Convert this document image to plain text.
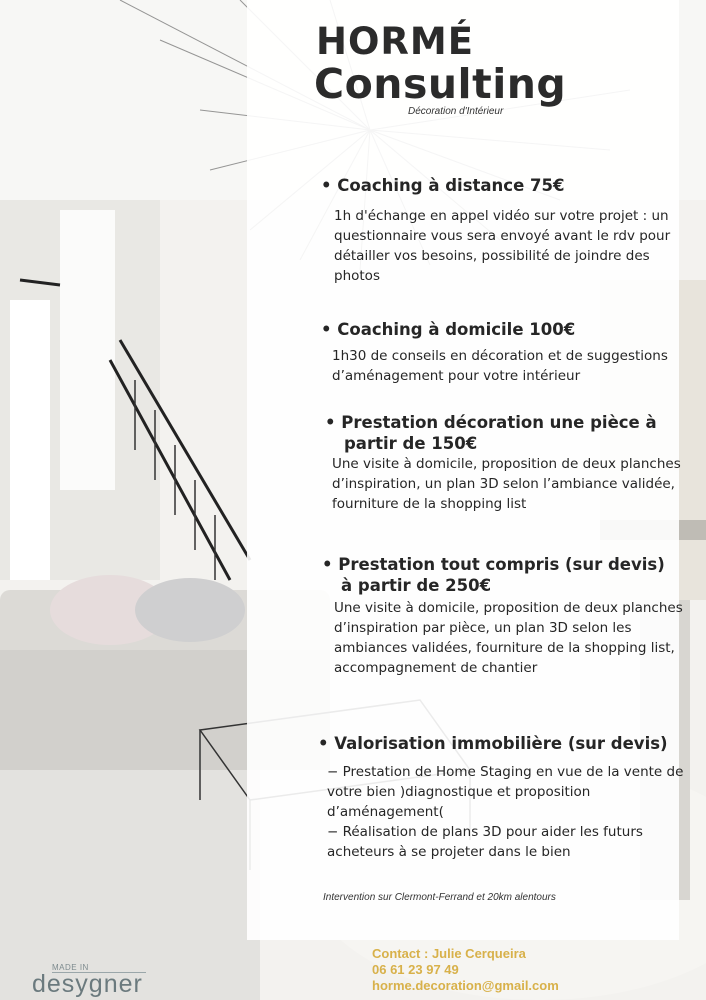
HORMÉ
Consulting
Décoration d'Intérieur
• Coaching à distance 75€

1h d'échange en appel vidéo sur votre projet : un

questionnaire vous sera envoyé avant le rdv pour

détailler vos besoins, possibilité de joindre des

photos

• Coaching à domicile 100€

1h30 de conseils en décoration et de suggestions

d’aménagement pour votre intérieur

• Prestation décoration une pièce à
partir de 150€

Une visite à domicile, proposition de deux planches

d’inspiration, un plan 3D selon l’ambiance validée,

fourniture de la shopping list

• Prestation tout compris (sur devis)
à partir de 250€

Une visite à domicile, proposition de deux planches

d’inspiration par pièce, un plan 3D selon les

ambiances validées, fourniture de la shopping list,

accompagnement de chantier

• Valorisation immobilière (sur devis)

− Prestation de Home Staging en vue de la vente de

votre bien )diagnostique et proposition

d’aménagement(

− Réalisation de plans 3D pour aider les futurs

acheteurs à se projeter dans le bien

Intervention sur Clermont-Ferrand et 20km alentours
Contact : Julie Cerqueira
06 61 23 97 49
horme.decoration@gmail.com
MADE IN
desygner
